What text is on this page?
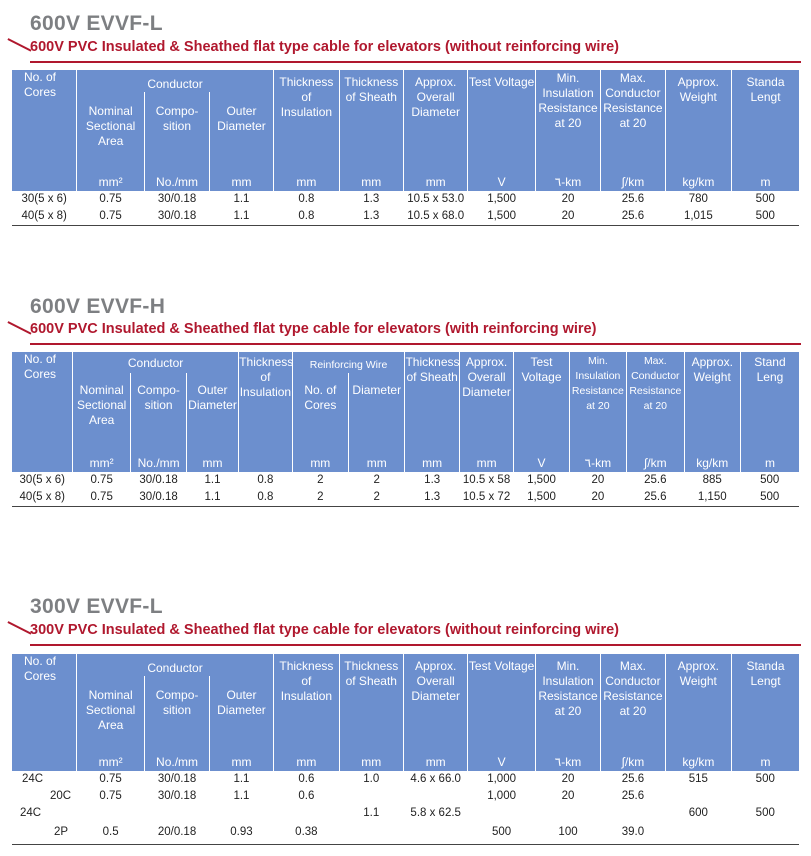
600V EVVF-L
600V PVC Insulated & Sheathed flat type cable for elevators (without reinforcing wire)
No. of Cores	Conductor			Thickness of Insulation	Thickness of Sheath	Approx. Overall Diameter	Test Voltage	Min. Insulation Resistance at 20	Max. Conductor Resistance at 20	Approx. Weight	Standa Lengt
	Nominal Sectional Area	Compo- sition	Outer Diameter								
	mm²	No./mm	mm	mm	mm	mm	V	٦-km	∫/km	kg/km	m
30(5 x 6)	0.75	30/0.18	1.1	0.8	1.3	10.5 x 53.0	1,500	20	25.6	780	500
40(5 x 8)	0.75	30/0.18	1.1	0.8	1.3	10.5 x 68.0	1,500	20	25.6	1,015	500
600V EVVF-H
600V PVC Insulated & Sheathed flat type cable for elevators (with reinforcing wire)
No. of Cores	Conductor			Thickness of Insulation	Reinforcing Wire		Thickness of Sheath	Approx. Overall Diameter	Test Voltage	Min. Insulation Resistance at 20	Max. Conductor Resistance at 20	Approx. Weight	Stand Leng
	Nominal Sectional Area	Compo- sition	Outer Diameter		No. of Cores	Diameter							
	mm²	No./mm	mm		mm	mm	mm	mm	V	٦-km	∫/km	kg/km	m
30(5 x 6)	0.75	30/0.18	1.1	0.8	2	2	1.3	10.5 x 58	1,500	20	25.6	885	500
40(5 x 8)	0.75	30/0.18	1.1	0.8	2	2	1.3	10.5 x 72	1,500	20	25.6	1,150	500
300V EVVF-L
300V PVC Insulated & Sheathed flat type cable for elevators (without reinforcing wire)
No. of Cores	Conductor			Thickness of Insulation	Thickness of Sheath	Approx. Overall Diameter	Test Voltage	Min. Insulation Resistance at 20	Max. Conductor Resistance at 20	Approx. Weight	Standa Lengt
	Nominal Sectional Area	Compo- sition	Outer Diameter								
	mm²	No./mm	mm	mm	mm	mm	V	٦-km	∫/km	kg/km	m
24C	0.75	30/0.18	1.1	0.6	1.0	4.6 x 66.0	1,000	20	25.6	515	500
20C	0.75	30/0.18	1.1	0.6			1,000	20	25.6		
24C					1.1	5.8 x 62.5				600	500
2P	0.5	20/0.18	0.93	0.38			500	100	39.0		
